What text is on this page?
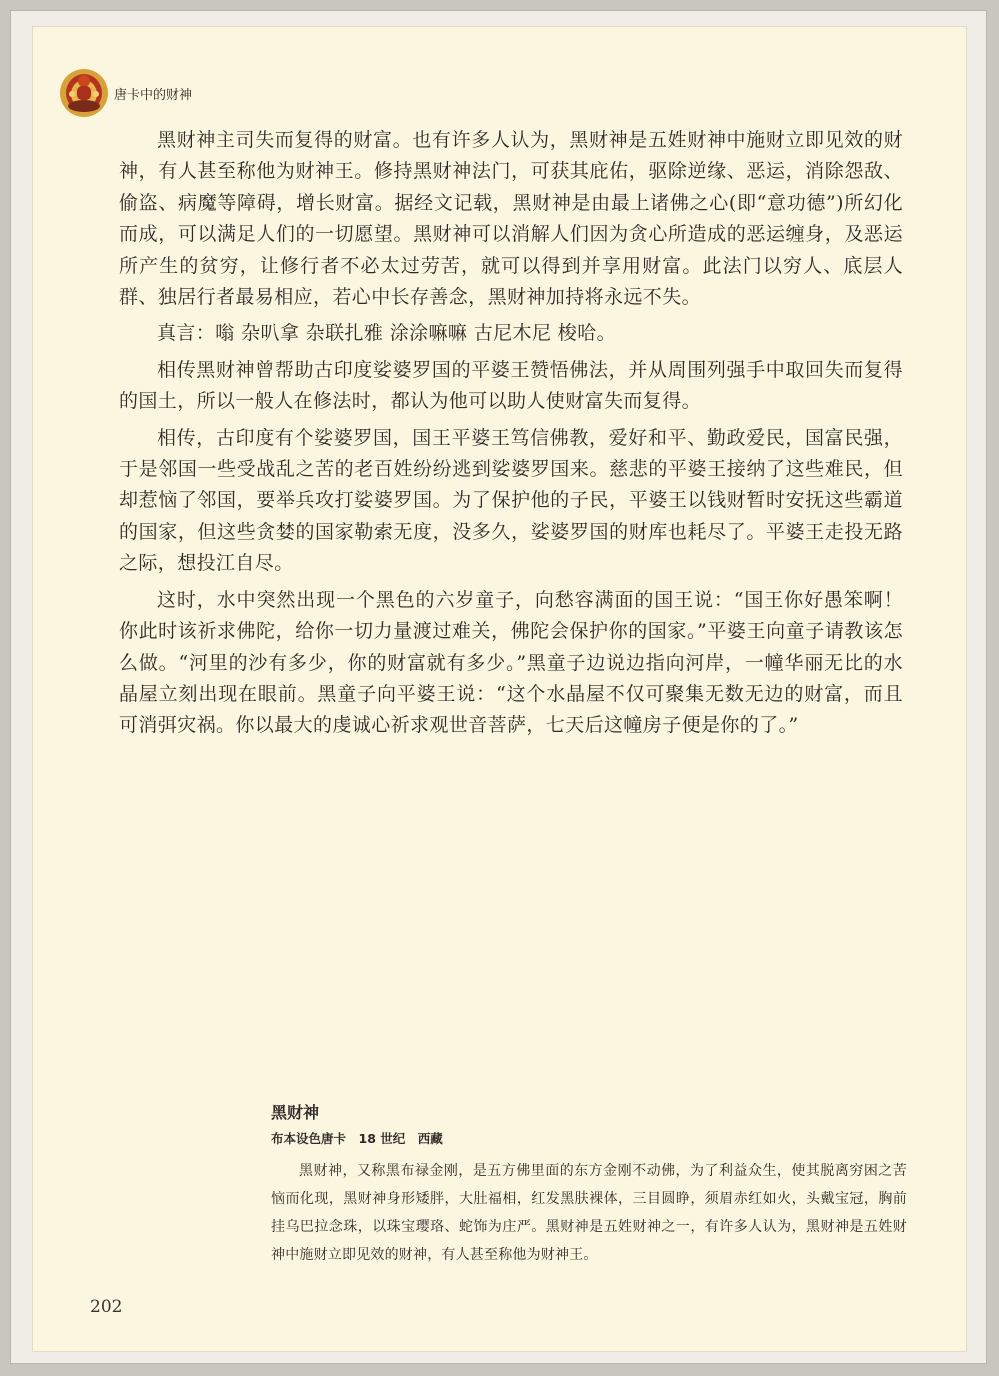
唐卡中的财神

黑财神主司失而复得的财富。也有许多人认为，黑财神是五姓财神中施财立即见效的财神，有人甚至称他为财神王。修持黑财神法门，可获其庇佑，驱除逆缘、恶运，消除怨敌、偷盗、病魔等障碍，增长财富。据经文记载，黑财神是由最上诸佛之心(即“意功德”)所幻化而成，可以满足人们的一切愿望。黑财神可以消解人们因为贪心所造成的恶运缠身，及恶运所产生的贫穷，让修行者不必太过劳苦，就可以得到并享用财富。此法门以穷人、底层人群、独居行者最易相应，若心中长存善念，黑财神加持将永远不失。

真言：嗡 杂叭拿 杂联扎雅 涂涂嘛嘛 古尼木尼 梭哈。

相传黑财神曾帮助古印度娑婆罗国的平婆王赞悟佛法，并从周围列强手中取回失而复得的国土，所以一般人在修法时，都认为他可以助人使财富失而复得。

相传，古印度有个娑婆罗国，国王平婆王笃信佛教，爱好和平、勤政爱民，国富民强，于是邻国一些受战乱之苦的老百姓纷纷逃到娑婆罗国来。慈悲的平婆王接纳了这些难民，但却惹恼了邻国，要举兵攻打娑婆罗国。为了保护他的子民，平婆王以钱财暂时安抚这些霸道的国家，但这些贪婪的国家勒索无度，没多久，娑婆罗国的财库也耗尽了。平婆王走投无路之际，想投江自尽。

这时，水中突然出现一个黑色的六岁童子，向愁容满面的国王说：“国王你好愚笨啊！你此时该祈求佛陀，给你一切力量渡过难关，佛陀会保护你的国家。”平婆王向童子请教该怎么做。“河里的沙有多少，你的财富就有多少。”黑童子边说边指向河岸，一幢华丽无比的水晶屋立刻出现在眼前。黑童子向平婆王说：“这个水晶屋不仅可聚集无数无边的财富，而且可消弭灾祸。你以最大的虔诚心祈求观世音菩萨，七天后这幢房子便是你的了。”

黑财神
布本设色唐卡　18 世纪　西藏

黑财神，又称黑布禄金刚，是五方佛里面的东方金刚不动佛，为了利益众生，使其脱离穷困之苦恼而化现，黑财神身形矮胖，大肚福相，红发黑肤裸体，三目圆睁，须眉赤红如火，头戴宝冠，胸前挂乌巴拉念珠，以珠宝璎珞、蛇饰为庄严。黑财神是五姓财神之一，有许多人认为，黑财神是五姓财神中施财立即见效的财神，有人甚至称他为财神王。

202
